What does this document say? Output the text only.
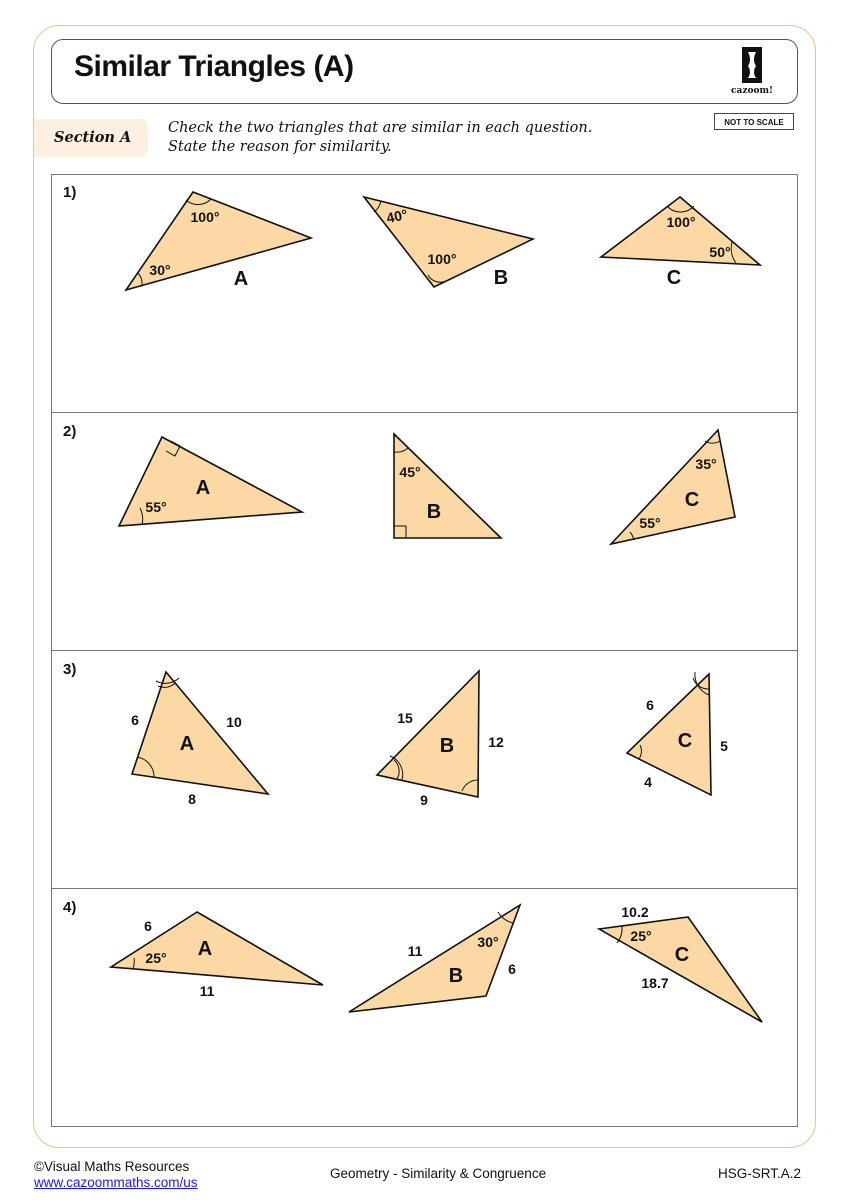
Similar Triangles (A)
cazoom!
Section A
Check the two triangles that are similar in each question.
State the reason for similarity.
NOT TO SCALE
1)
2)
3)
4)
100°
30°	A
40°
100°
B
100°
50°
C
A
55°
45°
B
35°
C
55°
6	10
A
8
15
12
B
9
6
C 5
4
6
A
25°
11
11
30°
B	6
10.2
25°
C
18.7
©Visual Maths Resources
www.cazoommaths.com/us
Geometry - Similarity & Congruence	HSG-SRT.A.2
